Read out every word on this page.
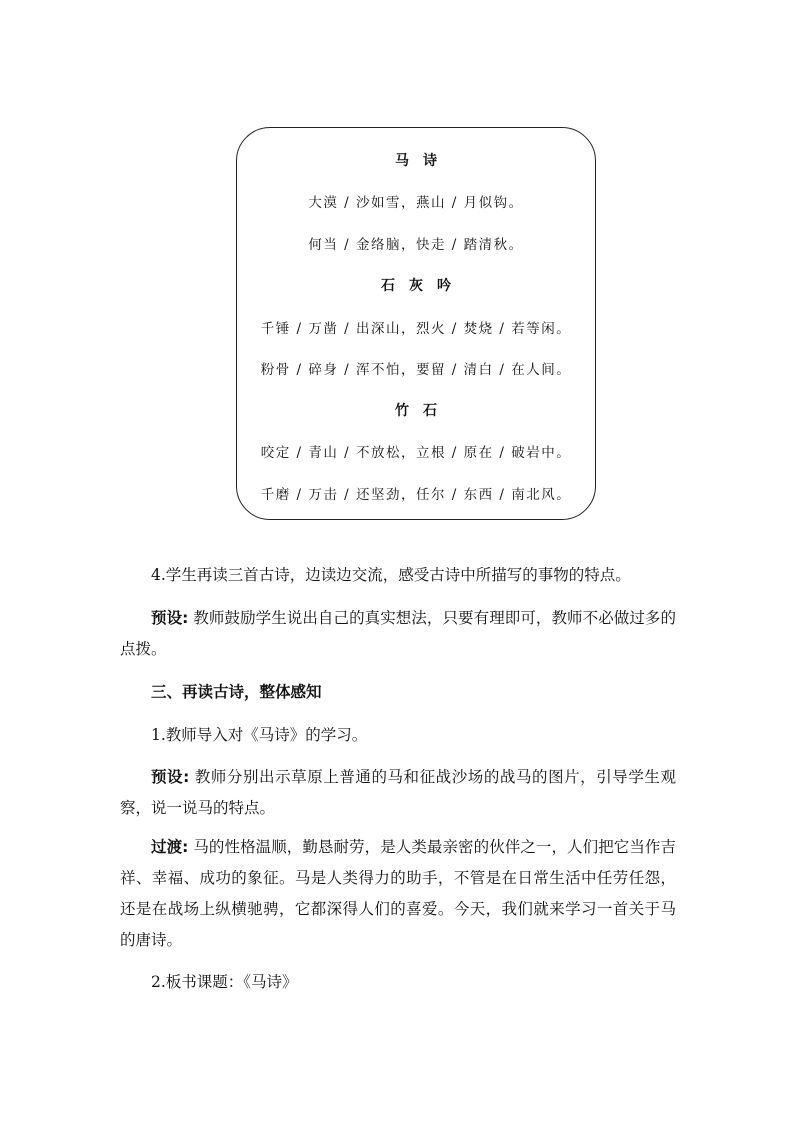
马诗
大漠 / 沙如雪，燕山 / 月似钩。
何当 / 金络脑，快走 / 踏清秋。
石灰吟
千锤 / 万凿 / 出深山，烈火 / 焚烧 / 若等闲。
粉骨 / 碎身 / 浑不怕，要留 / 清白 / 在人间。
竹石
咬定 / 青山 / 不放松，立根 / 原在 / 破岩中。
千磨 / 万击 / 还坚劲，任尔 / 东西 / 南北风。
4.学生再读三首古诗，边读边交流，感受古诗中所描写的事物的特点。
预设: 教师鼓励学生说出自己的真实想法，只要有理即可，教师不必做过多的点拨。
三、再读古诗，整体感知
1.教师导入对《马诗》的学习。
预设: 教师分别出示草原上普通的马和征战沙场的战马的图片，引导学生观察，说一说马的特点。
过渡: 马的性格温顺，勤恳耐劳，是人类最亲密的伙伴之一，人们把它当作吉祥、幸福、成功的象征。马是人类得力的助手，不管是在日常生活中任劳任怨，还是在战场上纵横驰骋，它都深得人们的喜爱。今天，我们就来学习一首关于马的唐诗。
2.板书课题：《马诗》
